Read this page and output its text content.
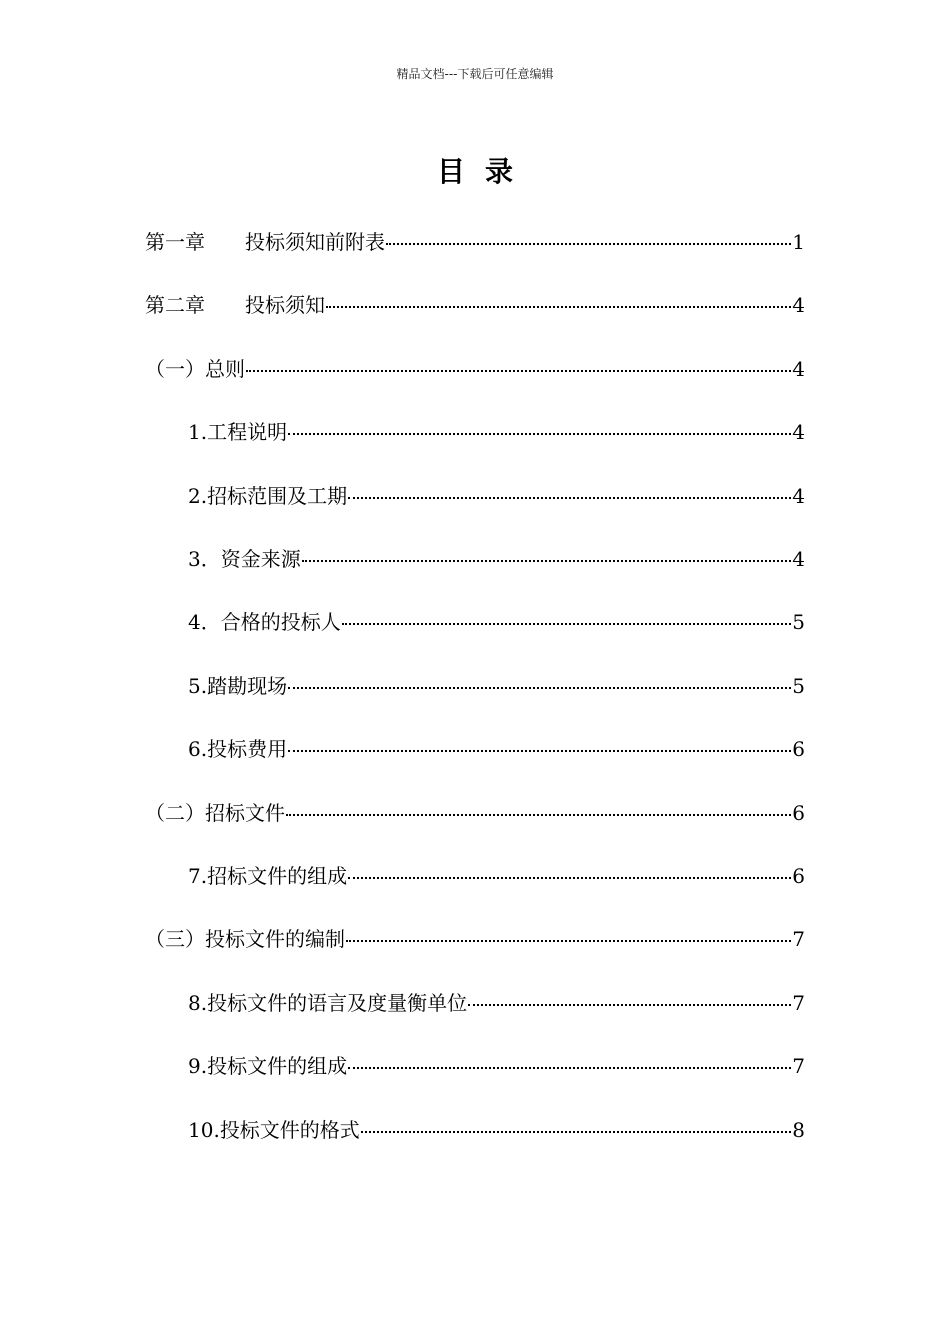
精品文档---下载后可任意编辑
目录
第一章	投标须知前附表	1
第二章	投标须知	4
（一） 总则	4
1. 工程说明	4
2. 招标范围及工期	4
3． 资金来源	4
4． 合格的投标人	5
5. 踏勘现场	5
6. 投标费用	6
（二） 招标文件	6
7. 招标文件的组成	6
（三） 投标文件的编制	7
8. 投标文件的语言及度量衡单位	7
9. 投标文件的组成	7
10. 投标文件的格式	8
